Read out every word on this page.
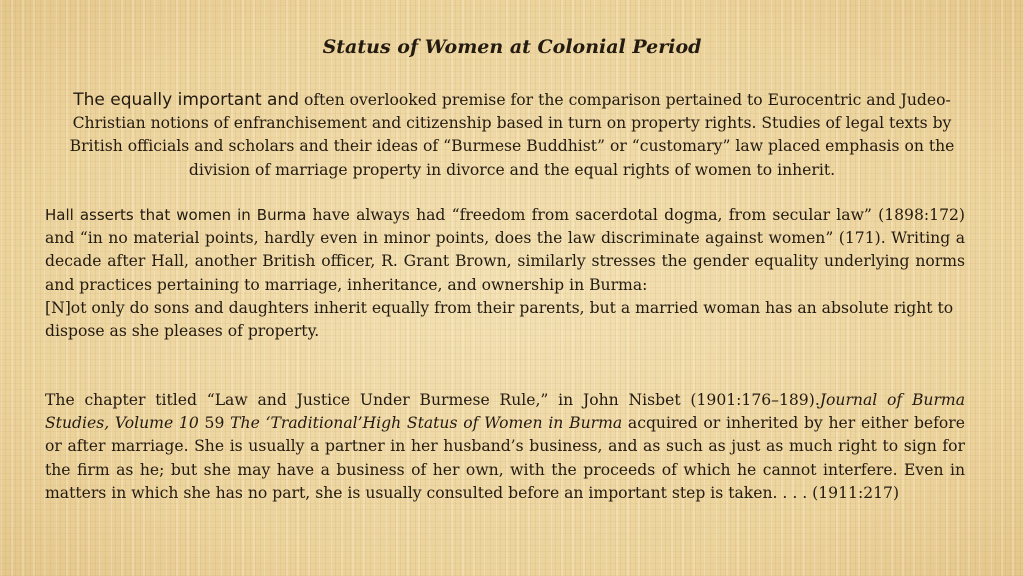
Status of Women at Colonial Period

The equally important and often overlooked premise for the comparison pertained to Eurocentric and Judeo-Christian notions of enfranchisement and citizenship based in turn on property rights. Studies of legal texts by British officials and scholars and their ideas of “Burmese Buddhist” or “customary” law placed emphasis on the division of marriage property in divorce and the equal rights of women to inherit.

Hall asserts that women in Burma have always had “freedom from sacerdotal dogma, from secular law” (1898:172) and “in no material points, hardly even in minor points, does the law discriminate against women” (171). Writing a decade after Hall, another British officer, R. Grant Brown, similarly stresses the gender equality underlying norms and practices pertaining to marriage, inheritance, and ownership in Burma:
[N]ot only do sons and daughters inherit equally from their parents, but a married woman has an absolute right to dispose as she pleases of property.

The chapter titled “Law and Justice Under Burmese Rule,” in John Nisbet (1901:176–189).Journal of Burma Studies, Volume 10 59 The ‘Traditional’High Status of Women in Burma acquired or inherited by her either before or after marriage. She is usually a partner in her husband’s business, and as such as just as much right to sign for the firm as he; but she may have a business of her own, with the proceeds of which he cannot interfere. Even in matters in which she has no part, she is usually consulted before an important step is taken. . . . (1911:217)
